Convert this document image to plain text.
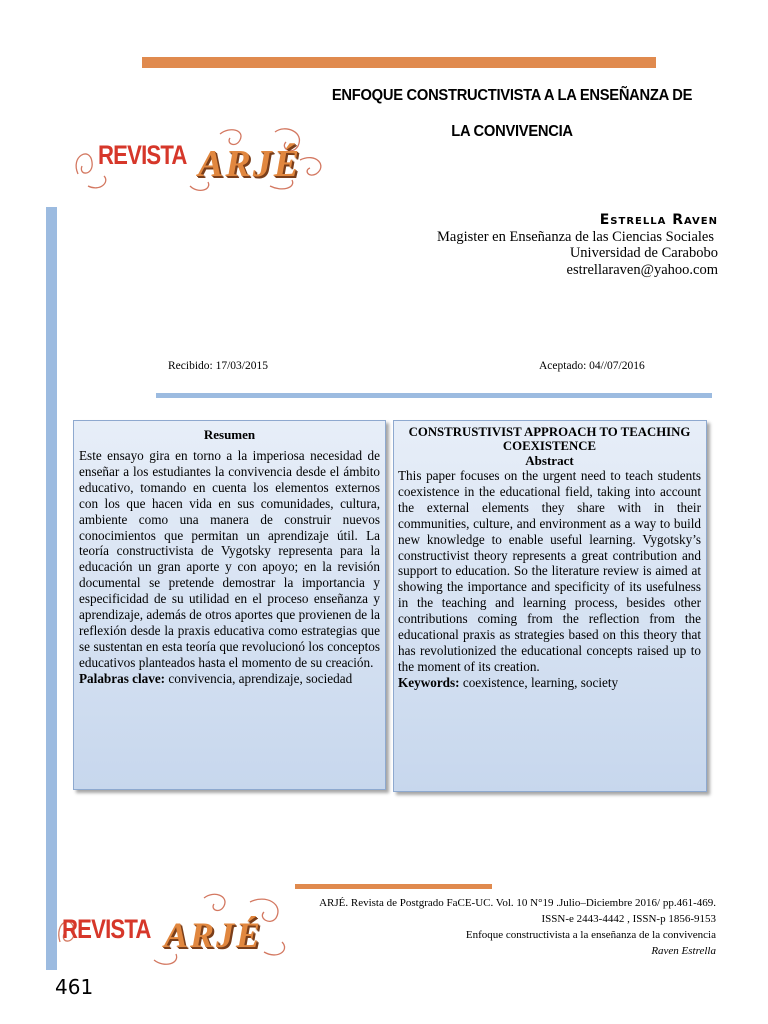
ENFOQUE CONSTRUCTIVISTA A LA ENSEÑANZA DE
LA CONVIVENCIA
REVISTA ARJÉ
Estrella Raven
Magister en Enseñanza de las Ciencias Sociales
Universidad de Carabobo
estrellaraven@yahoo.com
Recibido: 17/03/2015	Aceptado: 04//07/2016
Resumen

Este ensayo gira en torno a la imperiosa necesidad de enseñar a los estudiantes la convivencia desde el ámbito educativo, tomando en cuenta los elementos externos con los que hacen vida en sus comunidades, cultura, ambiente como una manera de construir nuevos conocimientos que permitan un aprendizaje útil. La teoría constructivista de Vygotsky representa para la educación un gran aporte y con apoyo; en la revisión documental se pretende demostrar la importancia y especificidad de su utilidad en el proceso enseñanza y aprendizaje, además de otros aportes que provienen de la reflexión desde la praxis educativa como estrategias que se sustentan en esta teoría que revolucionó los conceptos educativos planteados hasta el momento de su creación.

Palabras clave: convivencia, aprendizaje, sociedad

CONSTRUSTIVIST APPROACH TO TEACHING COEXISTENCE
Abstract

This paper focuses on the urgent need to teach students coexistence in the educational field, taking into account the external elements they share with in their communities, culture, and environment as a way to build new knowledge to enable useful learning. Vygotsky’s constructivist theory represents a great contribution and support to education. So the literature review is aimed at showing the importance and specificity of its usefulness in the teaching and learning process, besides other contributions coming from the reflection from the educational praxis as strategies based on this theory that has revolutionized the educational concepts raised up to the moment of its creation.

Keywords: coexistence, learning, society

REVISTA ARJÉ
ARJÉ. Revista de Postgrado FaCE-UC. Vol. 10 N°19 .Julio–Diciembre 2016/ pp.461-469.
ISSN-e 2443-4442 , ISSN-p 1856-9153
Enfoque constructivista a la enseñanza de la convivencia
Raven Estrella
461
